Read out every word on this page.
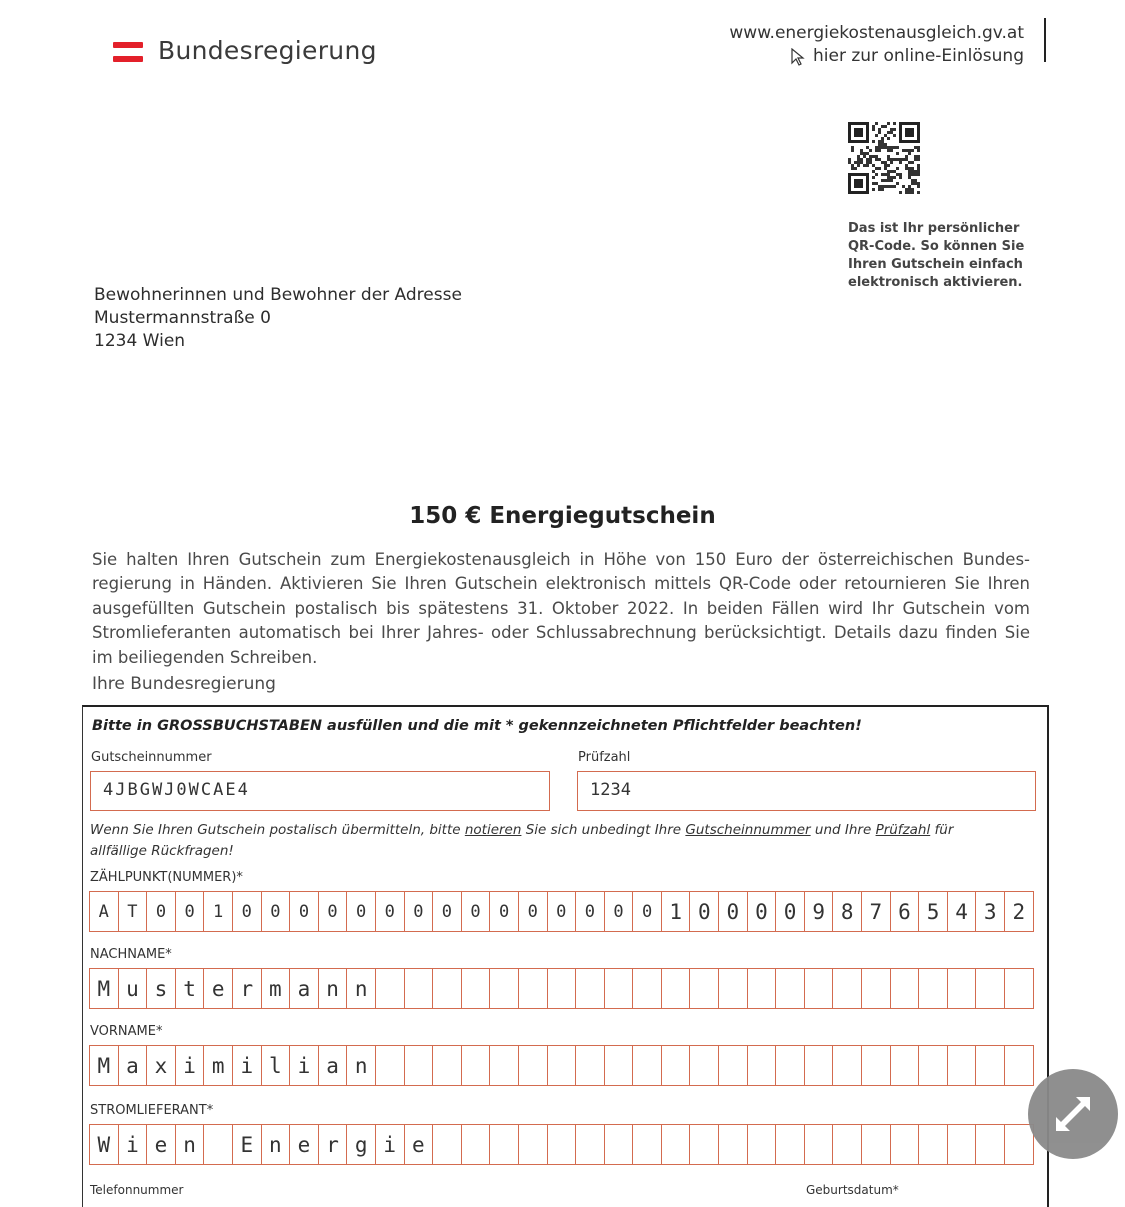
Bundesregierung
www.energiekostenausgleich.gv.at
hier zur online-Einlösung
Das ist Ihr persönlicher QR-Code. So können Sie Ihren Gutschein einfach elektronisch aktivieren.
Bewohnerinnen und Bewohner der Adresse
Mustermannstraße 0
1234 Wien
150 € Energiegutschein
Sie halten Ihren Gutschein zum Energiekostenausgleich in Höhe von 150 Euro der österreichischen Bundes- regierung in Händen. Aktivieren Sie Ihren Gutschein elektronisch mittels QR-Code oder retournieren Sie Ihren ausgefüllten Gutschein postalisch bis spätestens 31. Oktober 2022. In beiden Fällen wird Ihr Gutschein vom Stromlieferanten automatisch bei Ihrer Jahres- oder Schlussabrechnung berücksichtigt. Details dazu finden Sie im beiliegenden Schreiben.
Ihre Bundesregierung
Bitte in GROSSBUCHSTABEN ausfüllen und die mit * gekennzeichneten Pflichtfelder beachten!
Gutscheinnummer
4JBGWJ0WCAE4
Prüfzahl
1234
Wenn Sie Ihren Gutschein postalisch übermitteln, bitte notieren Sie sich unbedingt Ihre Gutscheinnummer und Ihre Prüfzahl für allfällige Rückfragen!
ZÄHLPUNKT(NUMMER)*
A	T	0	0	1	0	0	0	0	0	0	0	0	0	0	0	0	0	0	0 1 0 0 0 0 9 8 7 6 5 4 3 2
NACHNAME*
M u s t e r m a n n
VORNAME*
M a x i m i l i a n
STROMLIEFERANT*
W i e n	E n e r g i e
Telefonnummer	Geburtsdatum*
